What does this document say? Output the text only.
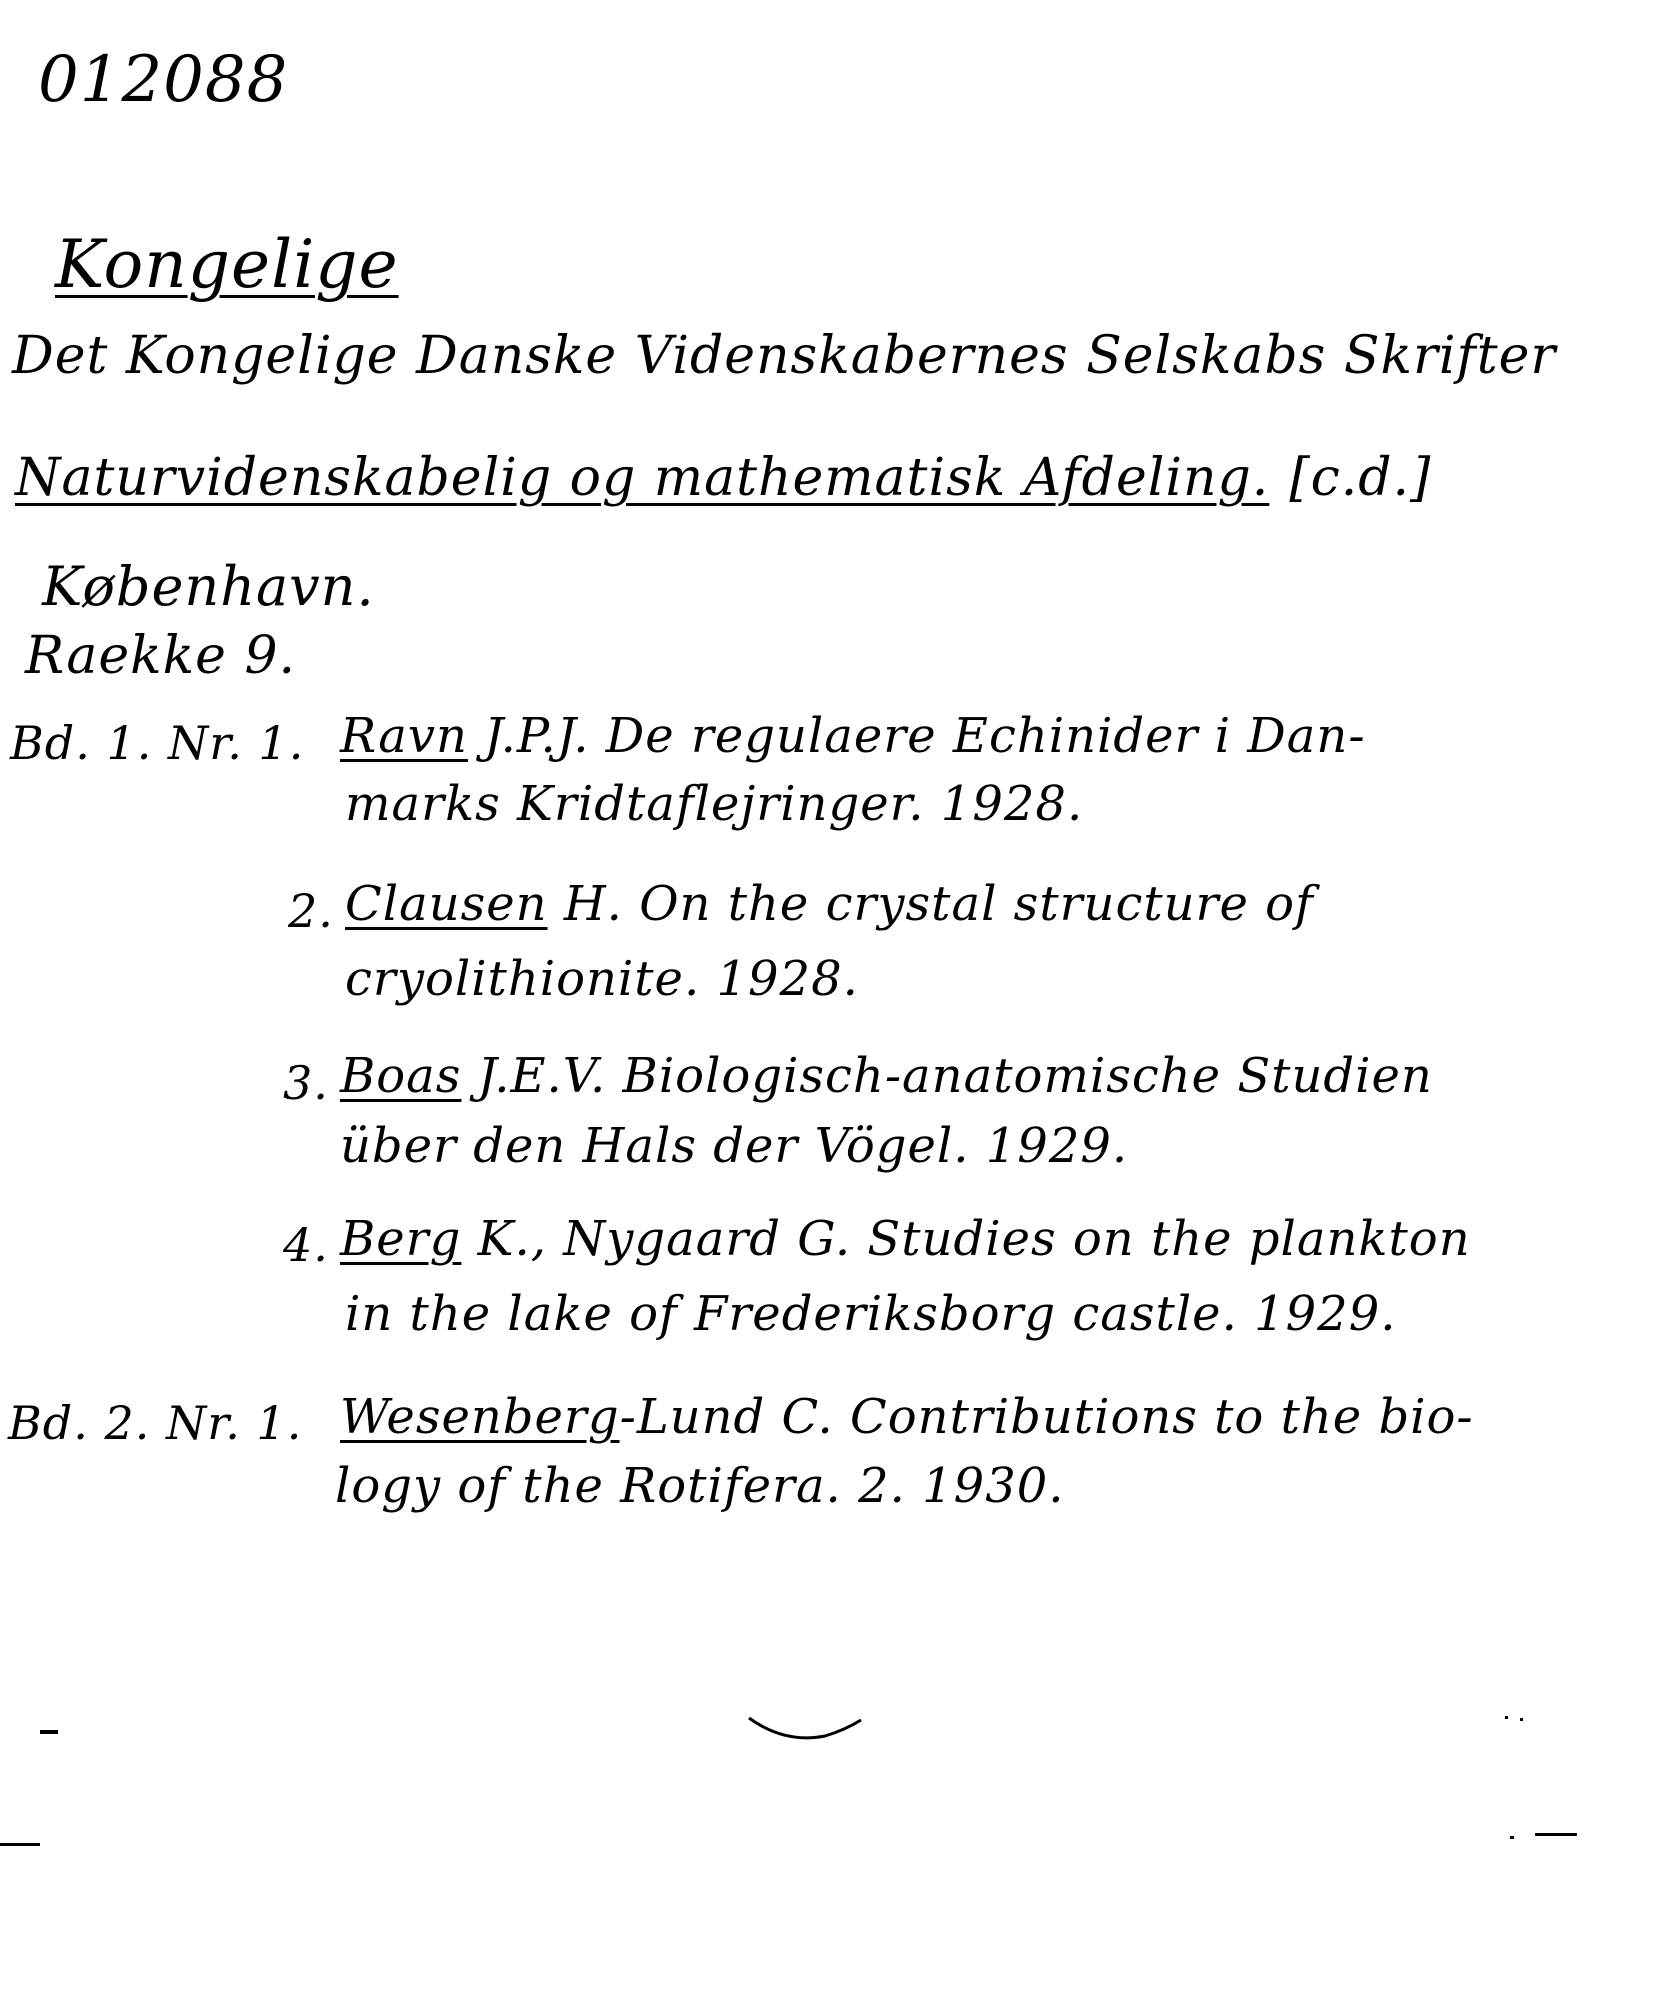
012088
Kongelige
Det Kongelige Danske Videnskabernes Selskabs Skrifter
Naturvidenskabelig og mathematisk Afdeling. [c.d.]
København.
Raekke 9.
Bd. 1. Nr. 1. Ravn J.P.J. De regulaere Echinider i Dan-
marks Kridtaflejringer. 1928.
2. Clausen H. On the crystal structure of
cryolithionite. 1928.
3. Boas J.E.V. Biologisch-anatomische Studien
über den Hals der Vögel. 1929.
4. Berg K., Nygaard G. Studies on the plankton
in the lake of Frederiksborg castle. 1929.
Bd. 2. Nr. 1. Wesenberg-Lund C. Contributions to the bio-
logy of the Rotifera. 2. 1930.
